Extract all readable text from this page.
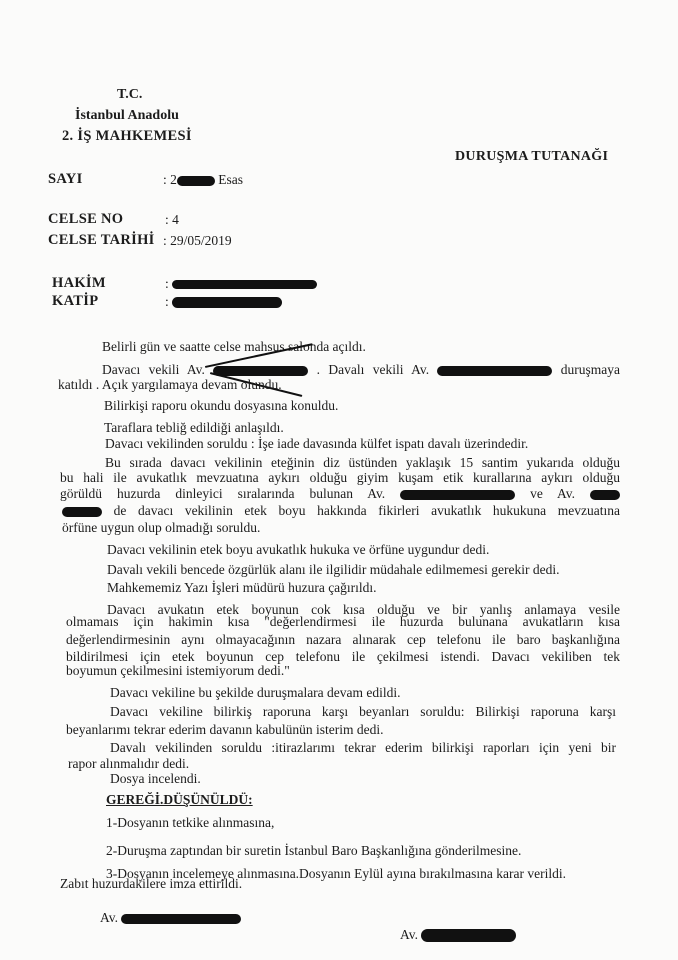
T.C.
İstanbul Anadolu
2. İŞ MAHKEMESİ
DURUŞMA TUTANAĞI
SAYI	: 2	Esas
CELSE NO	: 4
CELSE TARİHİ : 29/05/2019
HAKİM	:
KATİP	:
Belirli gün ve saatte celse mahsus salonda açıldı.
Davacı vekili Av.	. Davalı vekili Av.	duruşmaya
katıldı . Açık yargılamaya devam olundu.
Bilirkişi raporu okundu dosyasına konuldu.
Taraflara tebliğ edildiği anlaşıldı.
Davacı vekilinden soruldu : İşe iade davasında külfet ispatı davalı üzerindedir.
Bu sırada davacı vekilinin eteğinin diz üstünden yaklaşık 15 santim yukarıda olduğu
bu hali ile avukatlık mevzuatına aykırı olduğu giyim kuşam etik kurallarına aykırı olduğu
görüldü huzurda dinleyici sıralarında bulunan Av.	ve Av.
de davacı vekilinin etek boyu hakkında fikirleri avukatlık hukukuna mevzuatına
örfüne uygun olup olmadığı soruldu.
Davacı vekilinin etek boyu avukatlık hukuka ve örfüne uygundur dedi.
Davalı vekili bencede özgürlük alanı ile ilgilidir müdahale edilmemesi gerekir dedi.
Mahkememiz Yazı İşleri müdürü huzura çağırıldı.
Davacı avukatın etek boyunun cok kısa olduğu ve bir yanlış anlamaya vesile
olmamaıs için hakimin kısa "değerlendirmesi ile huzurda bulunana avukatların kısa
değerlendirmesinin aynı olmayacağının nazara alınarak cep telefonu ile baro başkanlığına
bildirilmesi için etek boyunun cep telefonu ile çekilmesi istendi. Davacı vekiliben tek
boyumun çekilmesini istemiyorum dedi."
Davacı vekiline bu şekilde duruşmalara devam edildi.
Davacı vekiline bilirkiş raporuna karşı beyanları soruldu: Bilirkişi raporuna karşı
beyanlarımı tekrar ederim davanın kabulünün isterim dedi.
Davalı vekilinden soruldu :itirazlarımı tekrar ederim bilirkişi raporları için yeni bir
rapor alınmalıdır dedi.
Dosya incelendi.
GEREĞİ.DÜŞÜNÜLDÜ:
1-Dosyanın tetkike alınmasına,
2-Duruşma zaptından bir suretin İstanbul Baro Başkanlığına gönderilmesine.
3-Dosyanın incelemeye alınmasına.Dosyanın Eylül ayına bırakılmasına karar verildi.
Zabıt huzurdakilere imza ettirildi.
Av.
Av.
